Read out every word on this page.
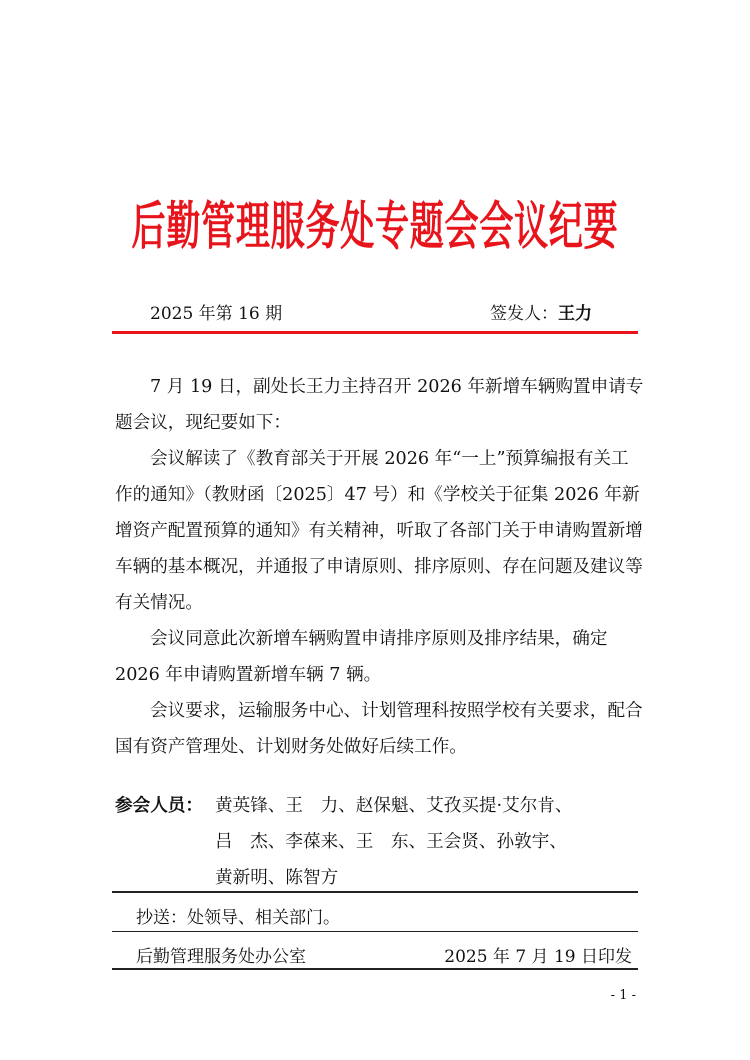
后勤管理服务处专题会会议纪要
2025 年第 16 期	签发人：王力

7 月 19 日，副处长王力主持召开 2026 年新增车辆购置申请专题会议，现纪要如下：

会议解读了《教育部关于开展 2026 年“一上”预算编报有关工作的通知》（教财函〔2025〕47 号）和《学校关于征集 2026 年新增资产配置预算的通知》有关精神，听取了各部门关于申请购置新增车辆的基本概况，并通报了申请原则、排序原则、存在问题及建议等有关情况。

会议同意此次新增车辆购置申请排序原则及排序结果，确定 2026 年申请购置新增车辆 7 辆。

会议要求，运输服务中心、计划管理科按照学校有关要求，配合国有资产管理处、计划财务处做好后续工作。

参会人员： 黄英锋、王　力、赵保魁、艾孜买提·艾尔肯、
吕　杰、李葆来、王　东、王会贤、孙敦宇、
黄新明、陈智方
抄送：处领导、相关部门。
后勤管理服务处办公室	2025 年 7 月 19 日印发
- 1 -
